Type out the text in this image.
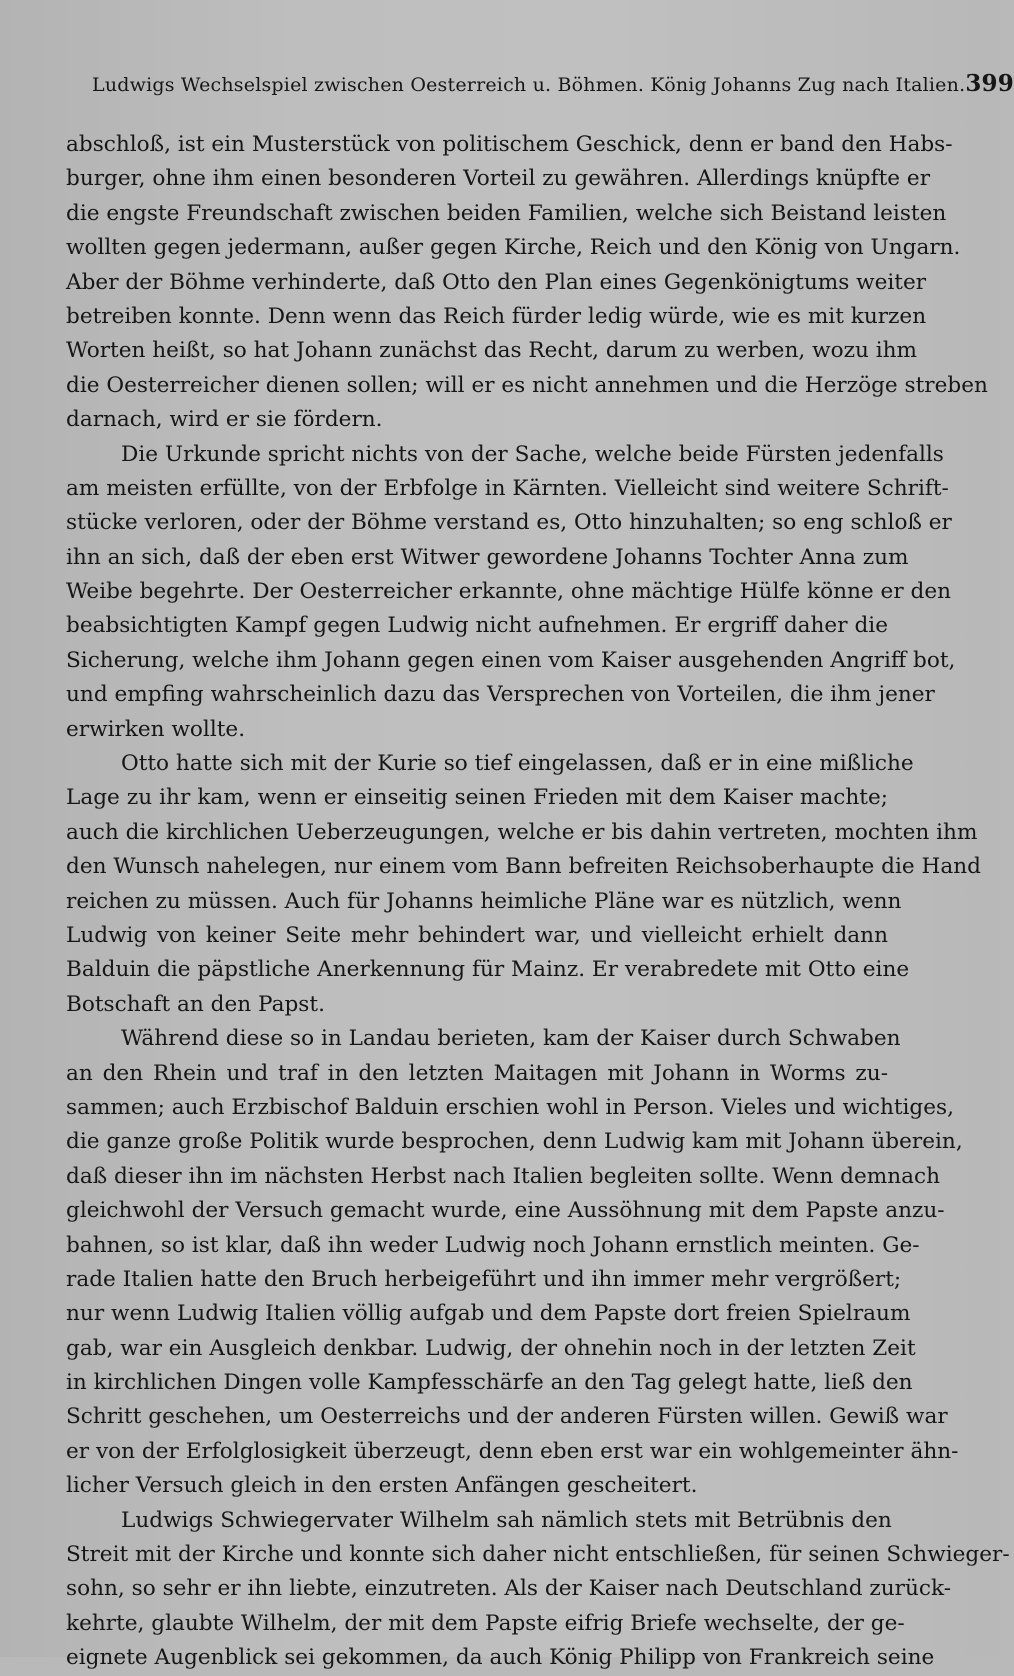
Ludwigs Wechselspiel zwischen Oesterreich u. Böhmen. König Johanns Zug nach Italien. 399
abschloß, ist ein Musterstück von politischem Geschick, denn er band den Habs-
burger, ohne ihm einen besonderen Vorteil zu gewähren. Allerdings knüpfte er
die engste Freundschaft zwischen beiden Familien, welche sich Beistand leisten
wollten gegen jedermann, außer gegen Kirche, Reich und den König von Ungarn.
Aber der Böhme verhinderte, daß Otto den Plan eines Gegenkönigtums weiter
betreiben konnte. Denn wenn das Reich fürder ledig würde, wie es mit kurzen
Worten heißt, so hat Johann zunächst das Recht, darum zu werben, wozu ihm
die Oesterreicher dienen sollen; will er es nicht annehmen und die Herzöge streben
darnach, wird er sie fördern.
Die Urkunde spricht nichts von der Sache, welche beide Fürsten jedenfalls
am meisten erfüllte, von der Erbfolge in Kärnten. Vielleicht sind weitere Schrift-
stücke verloren, oder der Böhme verstand es, Otto hinzuhalten; so eng schloß er
ihn an sich, daß der eben erst Witwer gewordene Johanns Tochter Anna zum
Weibe begehrte. Der Oesterreicher erkannte, ohne mächtige Hülfe könne er den
beabsichtigten Kampf gegen Ludwig nicht aufnehmen. Er ergriff daher die
Sicherung, welche ihm Johann gegen einen vom Kaiser ausgehenden Angriff bot,
und empfing wahrscheinlich dazu das Versprechen von Vorteilen, die ihm jener
erwirken wollte.
Otto hatte sich mit der Kurie so tief eingelassen, daß er in eine mißliche
Lage zu ihr kam, wenn er einseitig seinen Frieden mit dem Kaiser machte;
auch die kirchlichen Ueberzeugungen, welche er bis dahin vertreten, mochten ihm
den Wunsch nahelegen, nur einem vom Bann befreiten Reichsoberhaupte die Hand
reichen zu müssen. Auch für Johanns heimliche Pläne war es nützlich, wenn
Ludwig von keiner Seite mehr behindert war, und vielleicht erhielt dann
Balduin die päpstliche Anerkennung für Mainz. Er verabredete mit Otto eine
Botschaft an den Papst.
Während diese so in Landau berieten, kam der Kaiser durch Schwaben
an den Rhein und traf in den letzten Maitagen mit Johann in Worms zu-
sammen; auch Erzbischof Balduin erschien wohl in Person. Vieles und wichtiges,
die ganze große Politik wurde besprochen, denn Ludwig kam mit Johann überein,
daß dieser ihn im nächsten Herbst nach Italien begleiten sollte. Wenn demnach
gleichwohl der Versuch gemacht wurde, eine Aussöhnung mit dem Papste anzu-
bahnen, so ist klar, daß ihn weder Ludwig noch Johann ernstlich meinten. Ge-
rade Italien hatte den Bruch herbeigeführt und ihn immer mehr vergrößert;
nur wenn Ludwig Italien völlig aufgab und dem Papste dort freien Spielraum
gab, war ein Ausgleich denkbar. Ludwig, der ohnehin noch in der letzten Zeit
in kirchlichen Dingen volle Kampfesschärfe an den Tag gelegt hatte, ließ den
Schritt geschehen, um Oesterreichs und der anderen Fürsten willen. Gewiß war
er von der Erfolglosigkeit überzeugt, denn eben erst war ein wohlgemeinter ähn-
licher Versuch gleich in den ersten Anfängen gescheitert.
Ludwigs Schwiegervater Wilhelm sah nämlich stets mit Betrübnis den
Streit mit der Kirche und konnte sich daher nicht entschließen, für seinen Schwieger-
sohn, so sehr er ihn liebte, einzutreten. Als der Kaiser nach Deutschland zurück-
kehrte, glaubte Wilhelm, der mit dem Papste eifrig Briefe wechselte, der ge-
eignete Augenblick sei gekommen, da auch König Philipp von Frankreich seine
